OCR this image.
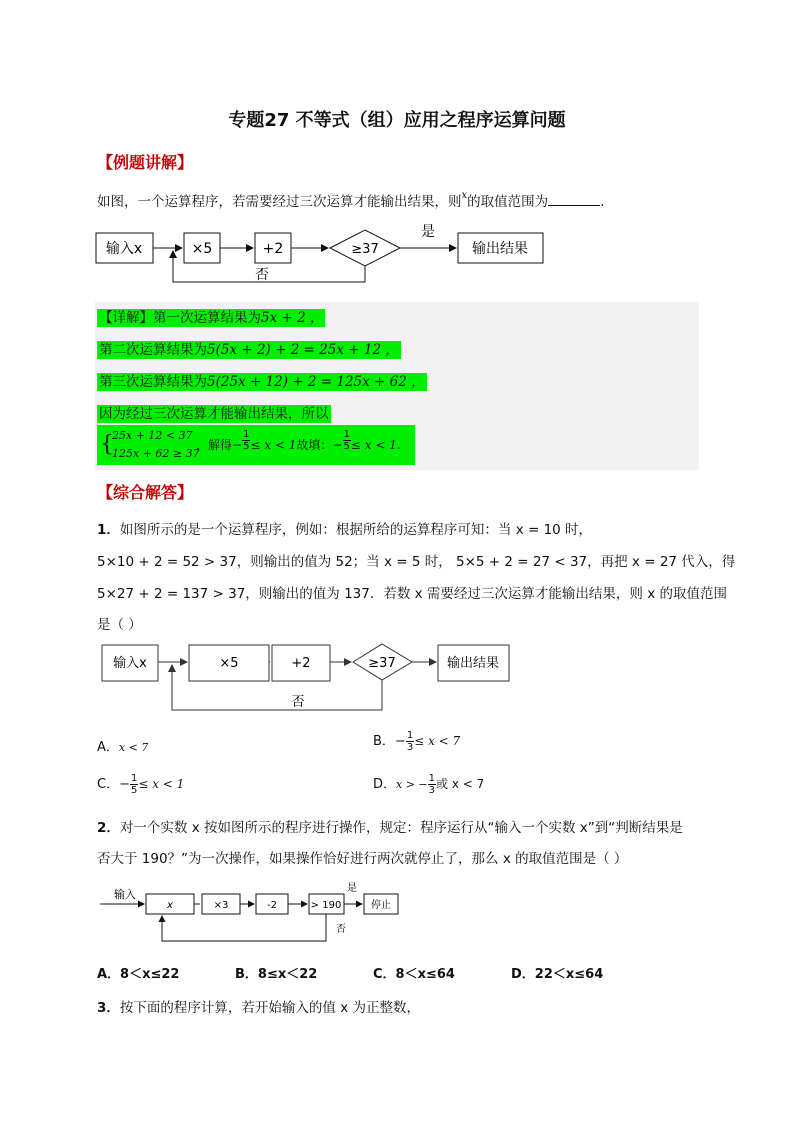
专题27 不等式（组）应用之程序运算问题
【例题讲解】
如图，一个运算程序，若需要经过三次运算才能输出结果，则$^x$的取值范围为	.
输入x	×5	+2	≥37
是
输出结果
否
【详解】第一次运算结果为5x + 2 ，
第二次运算结果为5(5x + 2) + 2 = 25x + 12 ，
第三次运算结果为5(25x + 12) + 2 = 125x + 62 ，
因为经过三次运算才能输出结果，所以
{
25x + 12 < 37
125x + 62 ≥ 37
，解得− $\frac{1}{5} \le x < 1$故填：− $\frac{1}{5} \le x < 1$.
【综合解答】
1．如图所示的是一个运算程序，例如：根据所给的运算程序可知：当 x = 10 时，
5×10 + 2 = 52 > 37，则输出的值为 52；当 x = 5 时， 5×5 + 2 = 27 < 37，再把 x = 27 代入，得
5×27 + 2 = 137 > 37，则输出的值为 137．若数 x 需要经过三次运算才能输出结果，则 x 的取值范围
是（ ）
输入x	×5	+2	≥37	输出结果
否
A．x < 7	B．− $\frac{1}{3} \le x < 7$
C．− $\frac{1}{5} \le x < 1$	D．x > − $\frac{1}{3}$ 或 x < 7
2．对一个实数 x 按如图所示的程序进行操作，规定：程序运行从“输入一个实数 x”到“判断结果是
否大于 190？”为一次操作，如果操作恰好进行两次就停止了，那么 x 的取值范围是（ ）
输入
x	×3	-2	> 190
是
停止
否
A．8＜x≤22	B．8≤x＜22	C．8＜x≤64	D．22＜x≤64
3．按下面的程序计算，若开始输入的值 x 为正整数，
